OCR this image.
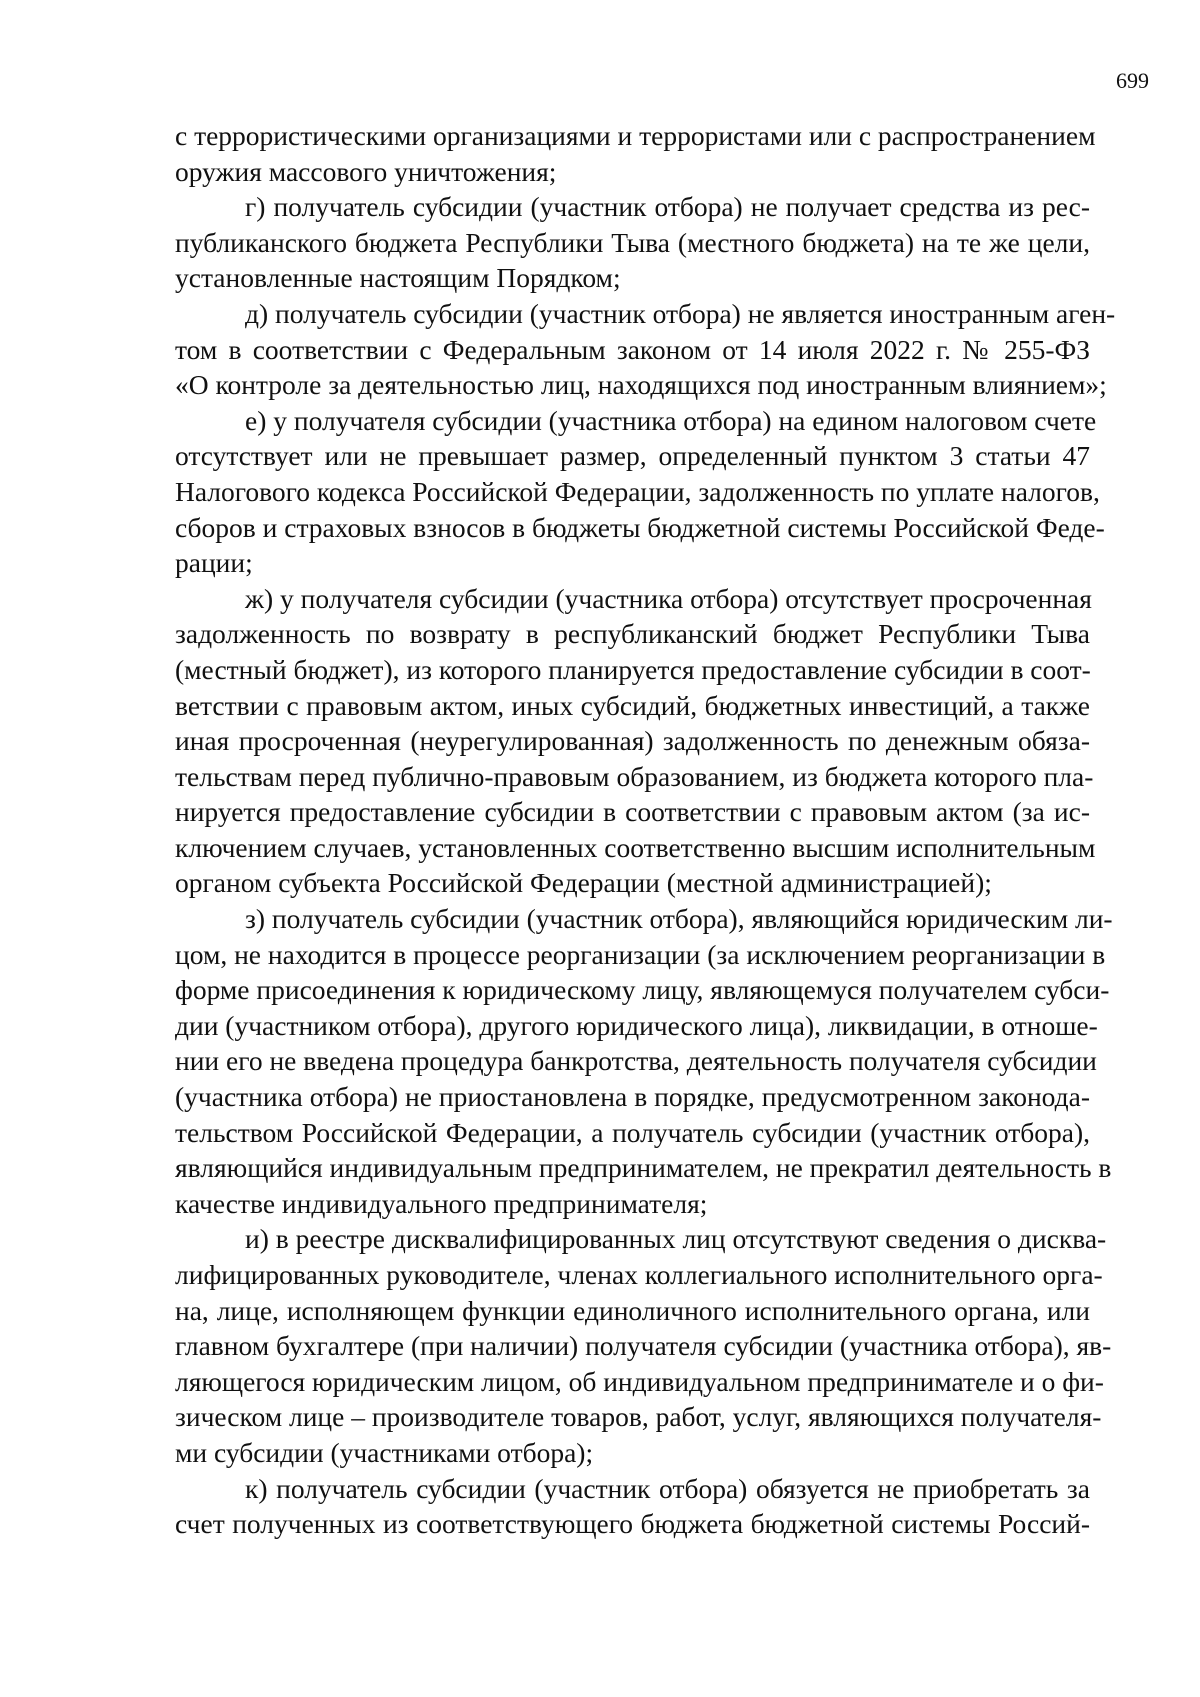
699
с террористическими организациями и террористами или с распространением
оружия массового уничтожения;
г) получатель субсидии (участник отбора) не получает средства из рес-
публиканского бюджета Республики Тыва (местного бюджета) на те же цели,
установленные настоящим Порядком;
д) получатель субсидии (участник отбора) не является иностранным аген-
том в соответствии с Федеральным законом от 14 июля 2022 г. № 255-ФЗ
«О контроле за деятельностью лиц, находящихся под иностранным влиянием»;
е) у получателя субсидии (участника отбора) на едином налоговом счете
отсутствует или не превышает размер, определенный пунктом 3 статьи 47
Налогового кодекса Российской Федерации, задолженность по уплате налогов,
сборов и страховых взносов в бюджеты бюджетной системы Российской Феде-
рации;
ж) у получателя субсидии (участника отбора) отсутствует просроченная
задолженность по возврату в республиканский бюджет Республики Тыва
(местный бюджет), из которого планируется предоставление субсидии в соот-
ветствии с правовым актом, иных субсидий, бюджетных инвестиций, а также
иная просроченная (неурегулированная) задолженность по денежным обяза-
тельствам перед публично-правовым образованием, из бюджета которого пла-
нируется предоставление субсидии в соответствии с правовым актом (за ис-
ключением случаев, установленных соответственно высшим исполнительным
органом субъекта Российской Федерации (местной администрацией);
з) получатель субсидии (участник отбора), являющийся юридическим ли-
цом, не находится в процессе реорганизации (за исключением реорганизации в
форме присоединения к юридическому лицу, являющемуся получателем субси-
дии (участником отбора), другого юридического лица), ликвидации, в отноше-
нии его не введена процедура банкротства, деятельность получателя субсидии
(участника отбора) не приостановлена в порядке, предусмотренном законода-
тельством Российской Федерации, а получатель субсидии (участник отбора),
являющийся индивидуальным предпринимателем, не прекратил деятельность в
качестве индивидуального предпринимателя;
и) в реестре дисквалифицированных лиц отсутствуют сведения о дисква-
лифицированных руководителе, членах коллегиального исполнительного орга-
на, лице, исполняющем функции единоличного исполнительного органа, или
главном бухгалтере (при наличии) получателя субсидии (участника отбора), яв-
ляющегося юридическим лицом, об индивидуальном предпринимателе и о фи-
зическом лице – производителе товаров, работ, услуг, являющихся получателя-
ми субсидии (участниками отбора);
к) получатель субсидии (участник отбора) обязуется не приобретать за
счет полученных из соответствующего бюджета бюджетной системы Россий-
